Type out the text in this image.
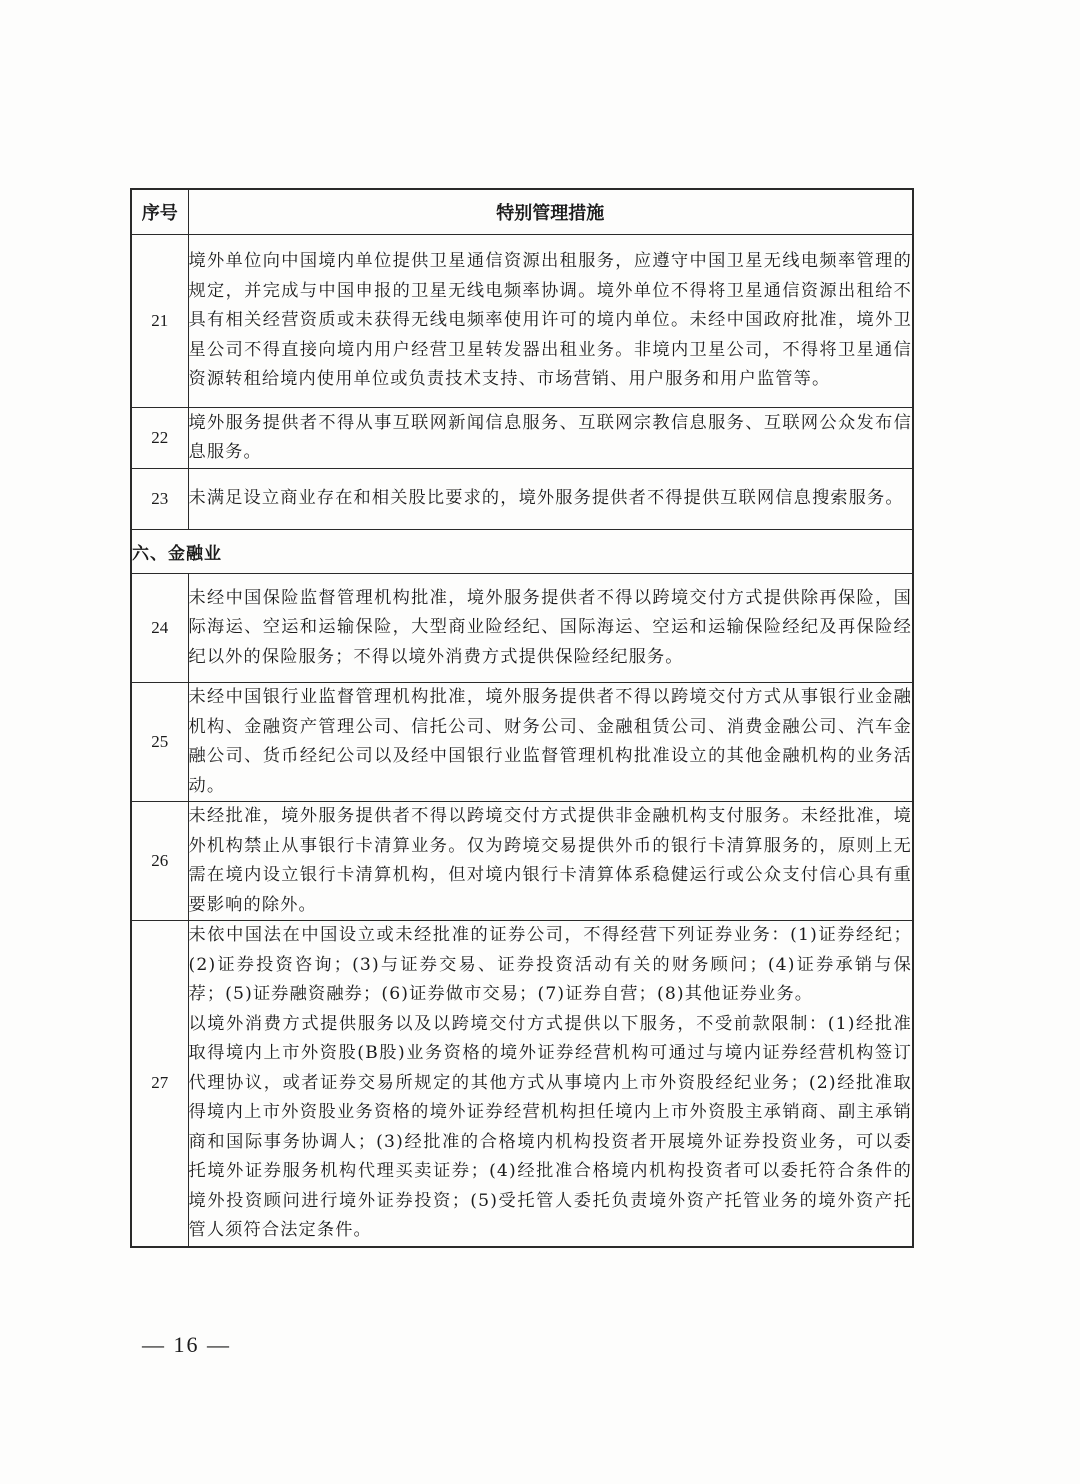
序号	特别管理措施
21	境外单位向中国境内单位提供卫星通信资源出租服务，应遵守中国卫星无线电频率管理的规定，并完成与中国申报的卫星无线电频率协调。境外单位不得将卫星通信资源出租给不具有相关经营资质或未获得无线电频率使用许可的境内单位。未经中国政府批准，境外卫星公司不得直接向境内用户经营卫星转发器出租业务。非境内卫星公司，不得将卫星通信资源转租给境内使用单位或负责技术支持、市场营销、用户服务和用户监管等。

22	境外服务提供者不得从事互联网新闻信息服务、互联网宗教信息服务、互联网公众发布信息服务。

23	未满足设立商业存在和相关股比要求的，境外服务提供者不得提供互联网信息搜索服务。

六、金融业	
24	未经中国保险监督管理机构批准，境外服务提供者不得以跨境交付方式提供除再保险，国际海运、空运和运输保险，大型商业险经纪、国际海运、空运和运输保险经纪及再保险经纪以外的保险服务；不得以境外消费方式提供保险经纪服务。

25	未经中国银行业监督管理机构批准，境外服务提供者不得以跨境交付方式从事银行业金融机构、金融资产管理公司、信托公司、财务公司、金融租赁公司、消费金融公司、汽车金融公司、货币经纪公司以及经中国银行业监督管理机构批准设立的其他金融机构的业务活动。

26	未经批准，境外服务提供者不得以跨境交付方式提供非金融机构支付服务。未经批准，境外机构禁止从事银行卡清算业务。仅为跨境交易提供外币的银行卡清算服务的，原则上无需在境内设立银行卡清算机构，但对境内银行卡清算体系稳健运行或公众支付信心具有重要影响的除外。

27	未依中国法在中国设立或未经批准的证券公司，不得经营下列证券业务：(1)证券经纪；(2)证券投资咨询；(3)与证券交易、证券投资活动有关的财务顾问；(4)证券承销与保荐；(5)证券融资融券；(6)证券做市交易；(7)证券自营；(8)其他证券业务。
以境外消费方式提供服务以及以跨境交付方式提供以下服务，不受前款限制：(1)经批准取得境内上市外资股(B股)业务资格的境外证券经营机构可通过与境内证券经营机构签订代理协议，或者证券交易所规定的其他方式从事境内上市外资股经纪业务；(2)经批准取得境内上市外资股业务资格的境外证券经营机构担任境内上市外资股主承销商、副主承销商和国际事务协调人；(3)经批准的合格境内机构投资者开展境外证券投资业务，可以委托境外证券服务机构代理买卖证券；(4)经批准合格境内机构投资者可以委托符合条件的境外投资顾问进行境外证券投资；(5)受托管人委托负责境外资产托管业务的境外资产托管人须符合法定条件。
— 16 —
